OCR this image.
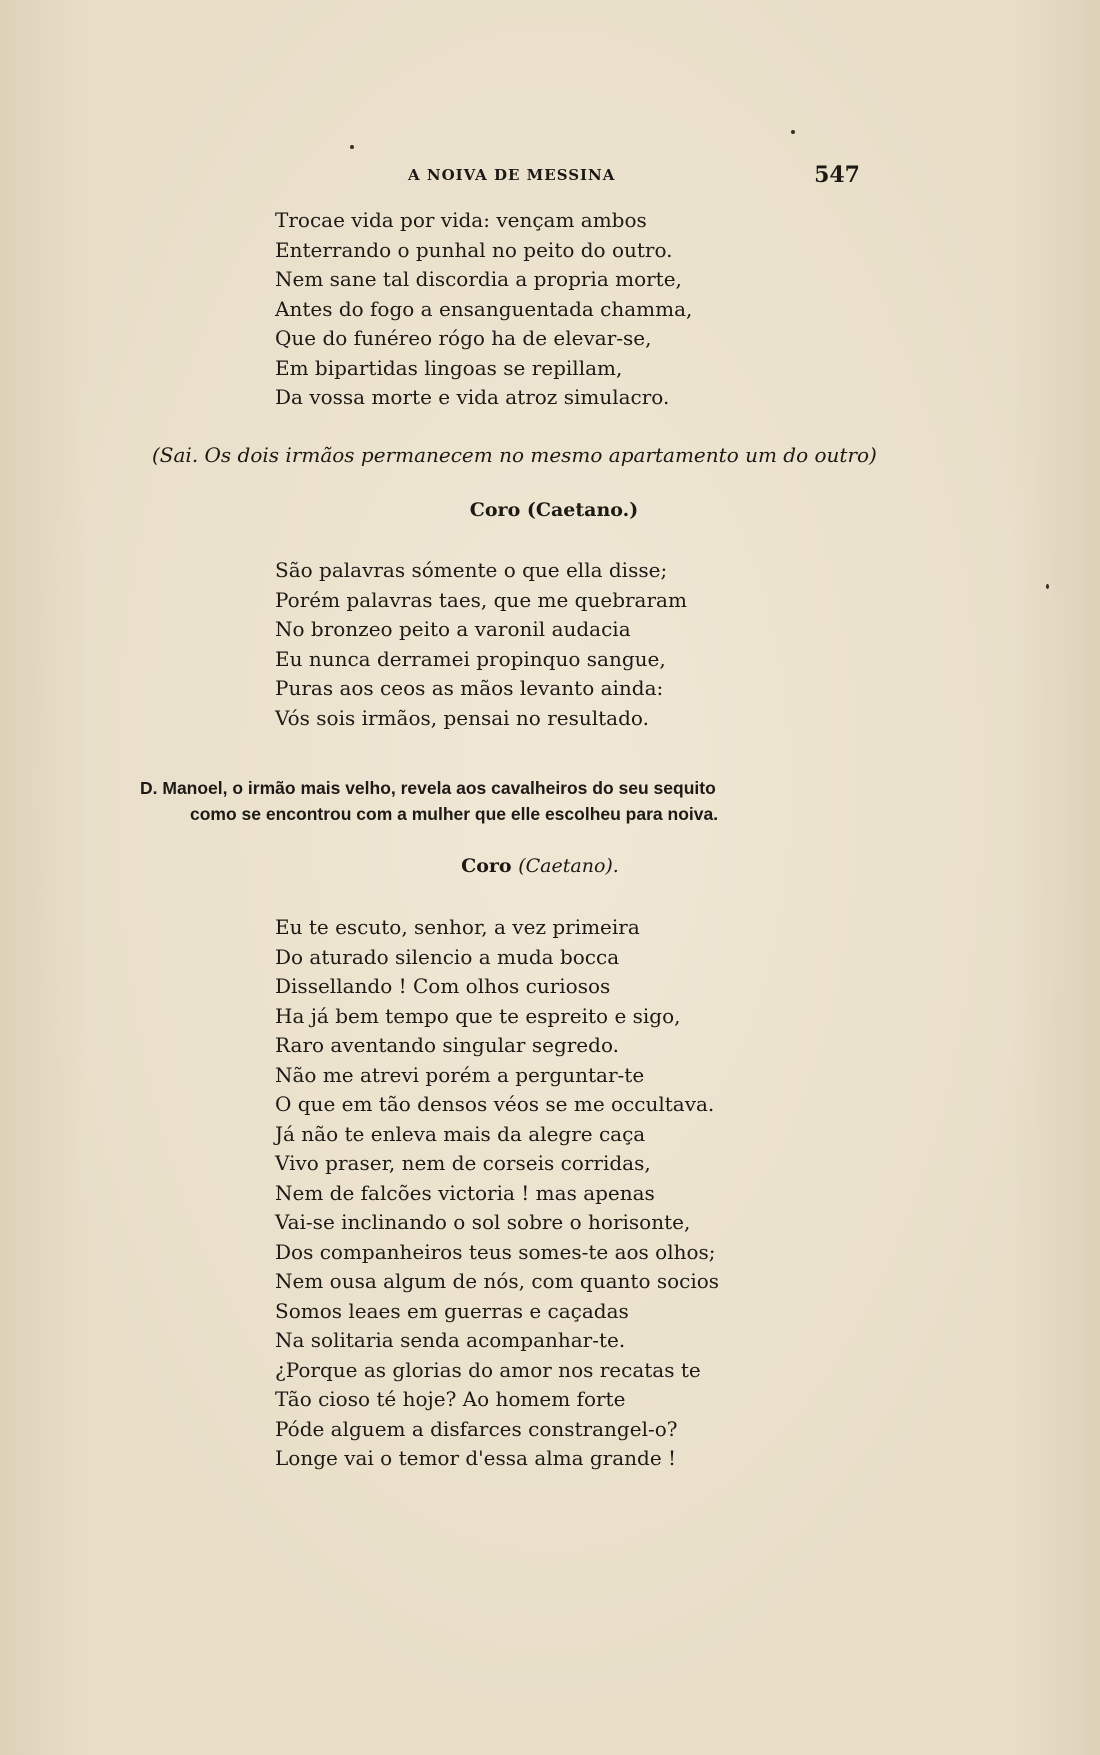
A NOIVA DE MESSINA	547
Trocae vida por vida: vençam ambos
Enterrando o punhal no peito do outro.
Nem sane tal discordia a propria morte,
Antes do fogo a ensanguentada chamma,
Que do funéreo rógo ha de elevar-se,
Em bipartidas lingoas se repillam,
Da vossa morte e vida atroz simulacro.
(Sai. Os dois irmãos permanecem no mesmo apartamento um do outro)
Coro (Caetano.)
São palavras sómente o que ella disse;
Porém palavras taes, que me quebraram
No bronzeo peito a varonil audacia
Eu nunca derramei propinquo sangue,
Puras aos ceos as mãos levanto ainda:
Vós sois irmãos, pensai no resultado.
D. Manoel, o irmão mais velho, revela aos cavalheiros do seu sequito
como se encontrou com a mulher que elle escolheu para noiva.
Coro (Caetano).
Eu te escuto, senhor, a vez primeira
Do aturado silencio a muda bocca
Dissellando ! Com olhos curiosos
Ha já bem tempo que te espreito e sigo,
Raro aventando singular segredo.
Não me atrevi porém a perguntar-te
O que em tão densos véos se me occultava.
Já não te enleva mais da alegre caça
Vivo praser, nem de corseis corridas,
Nem de falcões victoria ! mas apenas
Vai-se inclinando o sol sobre o horisonte,
Dos companheiros teus somes-te aos olhos;
Nem ousa algum de nós, com quanto socios
Somos leaes em guerras e caçadas
Na solitaria senda acompanhar-te.
¿Porque as glorias do amor nos recatas te
Tão cioso té hoje? Ao homem forte
Póde alguem a disfarces constrangel-o?
Longe vai o temor d'essa alma grande !
